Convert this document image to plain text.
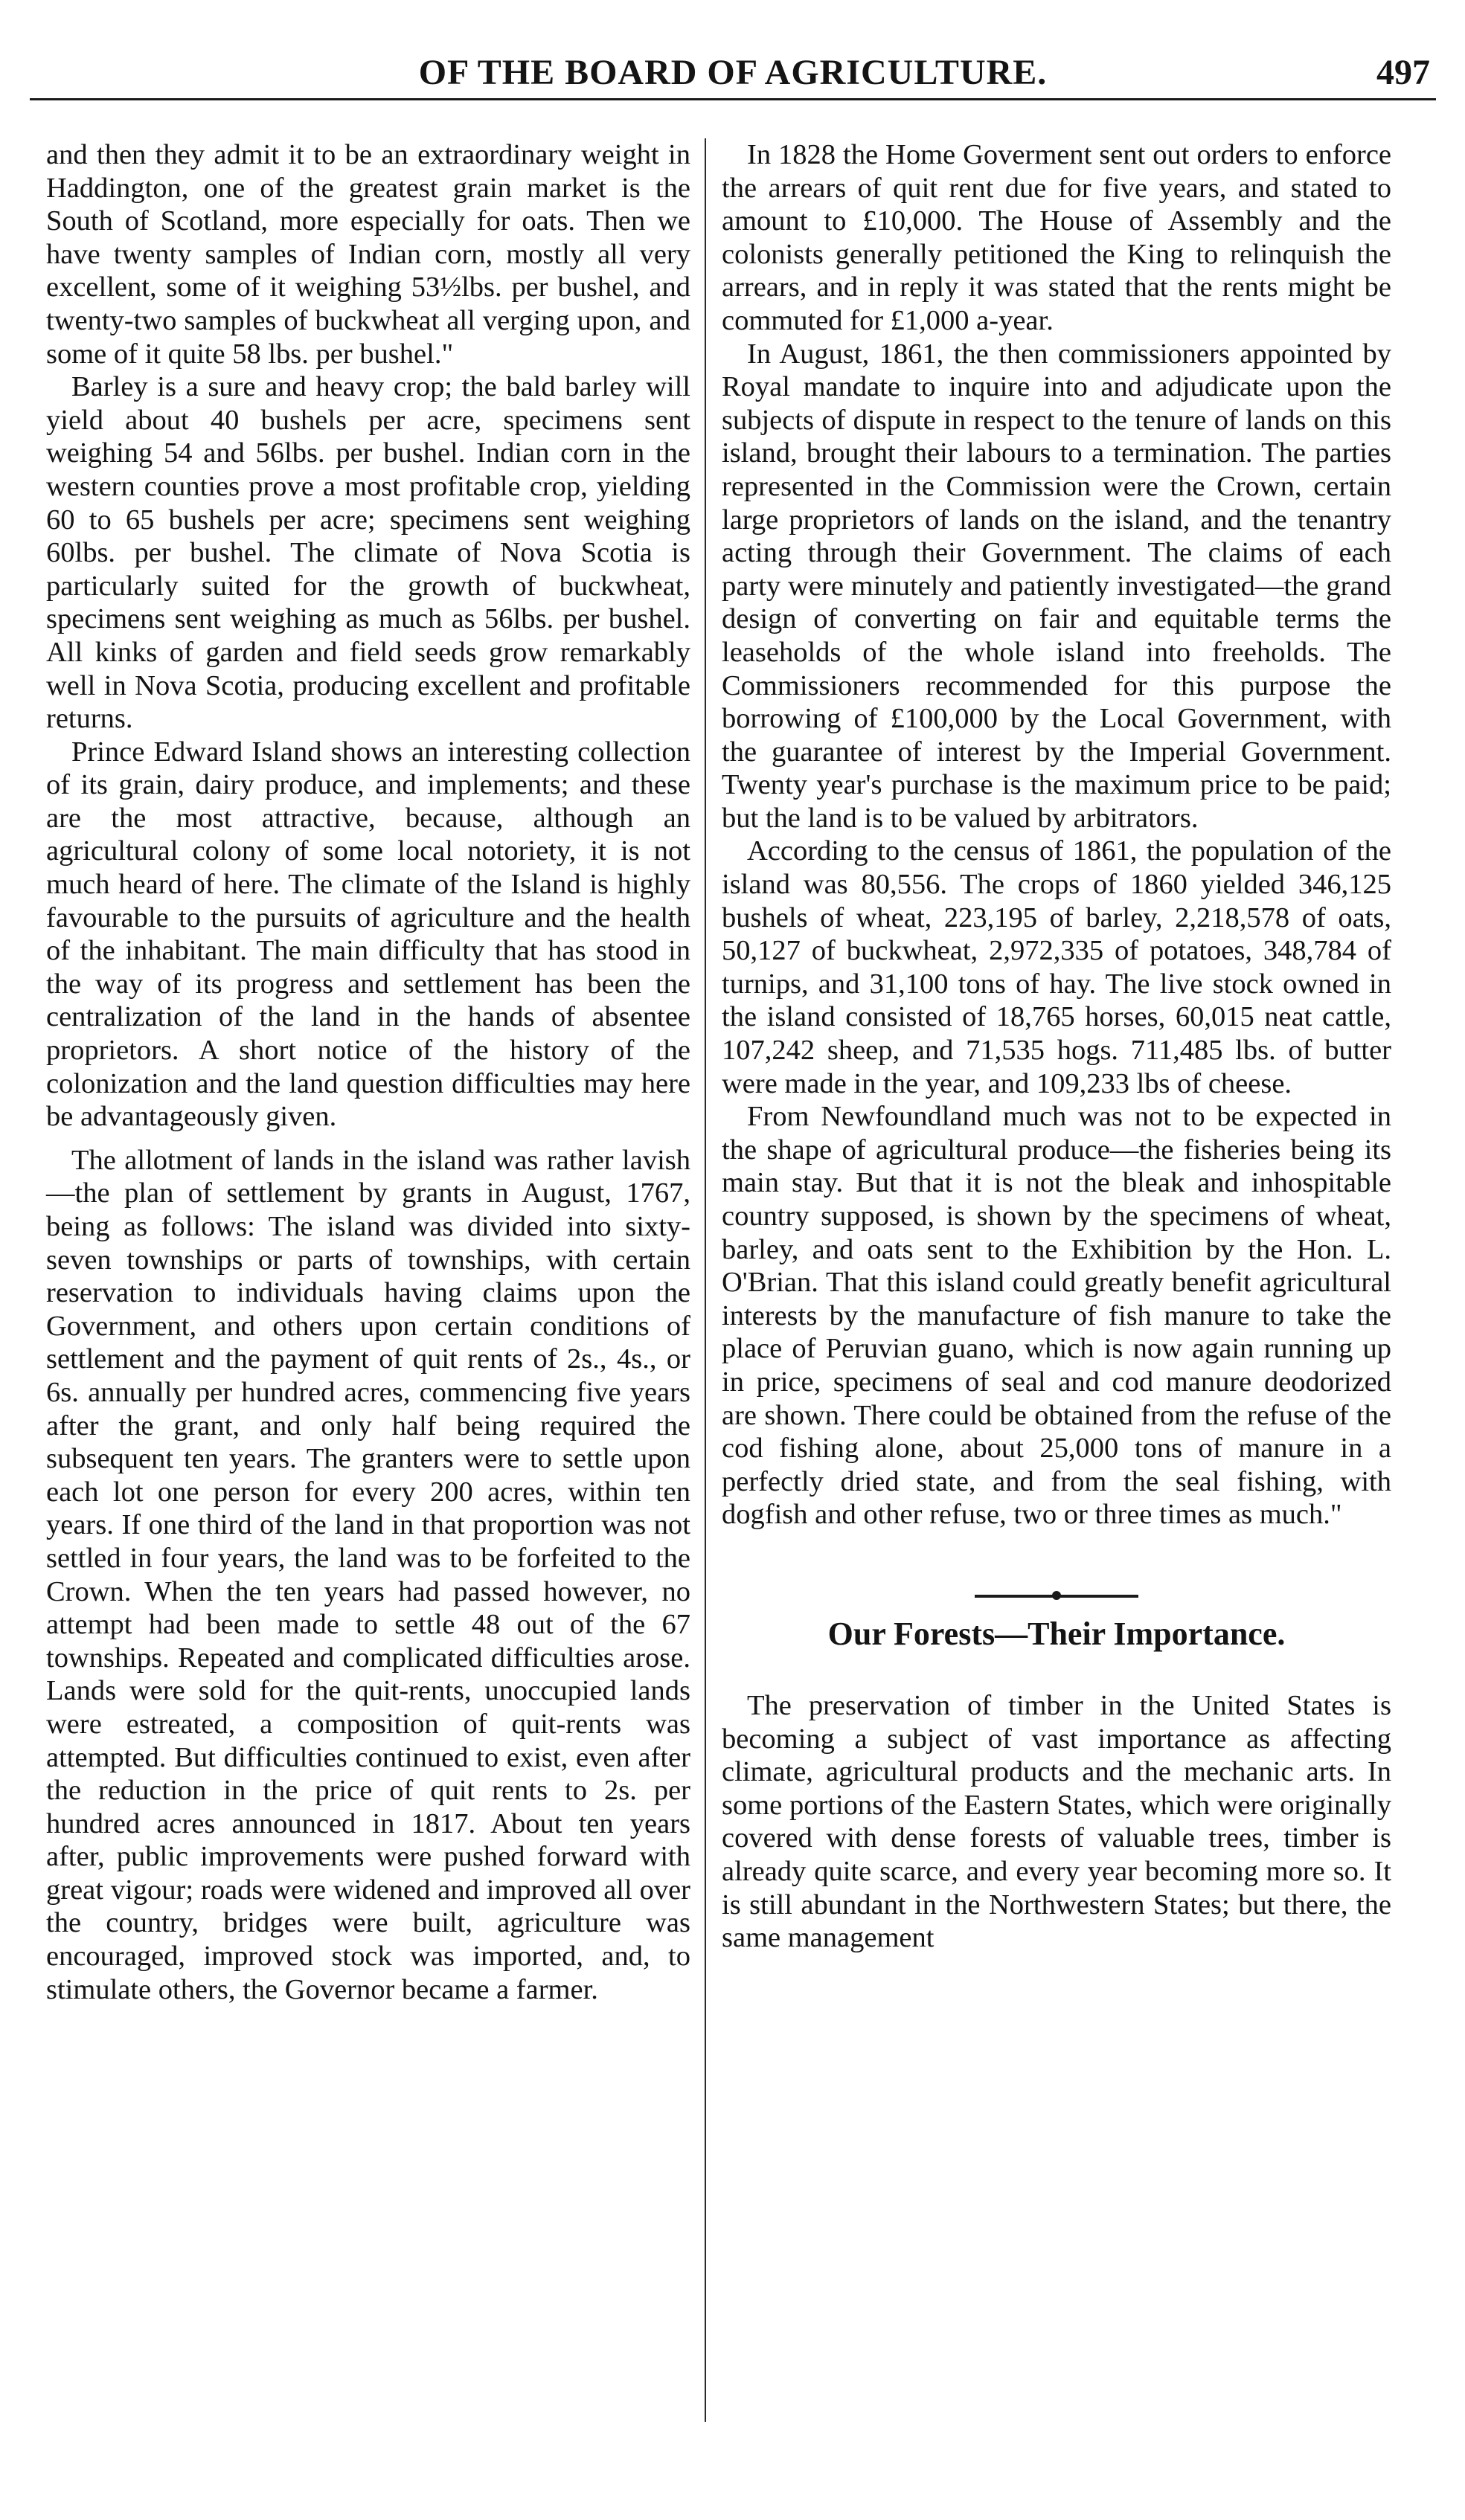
OF THE BOARD OF AGRICULTURE.	497

and then they admit it to be an extraordinary weight in Haddington, one of the greatest grain market is the South of Scotland, more especially for oats. Then we have twenty samples of Indian corn, mostly all very excellent, some of it weighing 53½lbs. per bushel, and twenty-two samples of buckwheat all verging upon, and some of it quite 58 lbs. per bushel."

Barley is a sure and heavy crop; the bald barley will yield about 40 bushels per acre, specimens sent weighing 54 and 56lbs. per bushel. Indian corn in the western counties prove a most profitable crop, yielding 60 to 65 bushels per acre; specimens sent weighing 60lbs. per bushel. The climate of Nova Scotia is particularly suited for the growth of buckwheat, specimens sent weighing as much as 56lbs. per bushel. All kinks of garden and field seeds grow remarkably well in Nova Scotia, producing excellent and profitable returns.

Prince Edward Island shows an interesting collection of its grain, dairy produce, and implements; and these are the most attractive, because, although an agricultural colony of some local notoriety, it is not much heard of here. The climate of the Island is highly favourable to the pursuits of agriculture and the health of the inhabitant. The main difficulty that has stood in the way of its progress and settlement has been the centralization of the land in the hands of absentee proprietors. A short notice of the history of the colonization and the land question difficulties may here be advantageously given.

The allotment of lands in the island was rather lavish—the plan of settlement by grants in August, 1767, being as follows: The island was divided into sixty-seven townships or parts of townships, with certain reservation to individuals having claims upon the Government, and others upon certain conditions of settlement and the payment of quit rents of 2s., 4s., or 6s. annually per hundred acres, commencing five years after the grant, and only half being required the subsequent ten years. The granters were to settle upon each lot one person for every 200 acres, within ten years. If one third of the land in that proportion was not settled in four years, the land was to be forfeited to the Crown. When the ten years had passed however, no attempt had been made to settle 48 out of the 67 townships. Repeated and complicated difficulties arose. Lands were sold for the quit-rents, unoccupied lands were estreated, a composition of quit-rents was attempted. But difficulties continued to exist, even after the reduction in the price of quit rents to 2s. per hundred acres announced in 1817. About ten years after, public improvements were pushed forward with great vigour; roads were widened and improved all over the country, bridges were built, agriculture was encouraged, improved stock was imported, and, to stimulate others, the Governor became a farmer.

In 1828 the Home Goverment sent out orders to enforce the arrears of quit rent due for five years, and stated to amount to £10,000. The House of Assembly and the colonists generally petitioned the King to relinquish the arrears, and in reply it was stated that the rents might be commuted for £1,000 a-year.

In August, 1861, the then commissioners appointed by Royal mandate to inquire into and adjudicate upon the subjects of dispute in respect to the tenure of lands on this island, brought their labours to a termination. The parties represented in the Commission were the Crown, certain large proprietors of lands on the island, and the tenantry acting through their Government. The claims of each party were minutely and patiently investigated—the grand design of converting on fair and equitable terms the leaseholds of the whole island into freeholds. The Commissioners recommended for this purpose the borrowing of £100,000 by the Local Government, with the guarantee of interest by the Imperial Government. Twenty year's purchase is the maximum price to be paid; but the land is to be valued by arbitrators.

According to the census of 1861, the population of the island was 80,556. The crops of 1860 yielded 346,125 bushels of wheat, 223,195 of barley, 2,218,578 of oats, 50,127 of buckwheat, 2,972,335 of potatoes, 348,784 of turnips, and 31,100 tons of hay. The live stock owned in the island consisted of 18,765 horses, 60,015 neat cattle, 107,242 sheep, and 71,535 hogs. 711,485 lbs. of butter were made in the year, and 109,233 lbs of cheese.

From Newfoundland much was not to be expected in the shape of agricultural produce—the fisheries being its main stay. But that it is not the bleak and inhospitable country supposed, is shown by the specimens of wheat, barley, and oats sent to the Exhibition by the Hon. L. O'Brian. That this island could greatly benefit agricultural interests by the manufacture of fish manure to take the place of Peruvian guano, which is now again running up in price, specimens of seal and cod manure deodorized are shown. There could be obtained from the refuse of the cod fishing alone, about 25,000 tons of manure in a perfectly dried state, and from the seal fishing, with dogfish and other refuse, two or three times as much."

Our Forests—Their Importance.

The preservation of timber in the United States is becoming a subject of vast importance as affecting climate, agricultural products and the mechanic arts. In some portions of the Eastern States, which were originally covered with dense forests of valuable trees, timber is already quite scarce, and every year becoming more so. It is still abundant in the Northwestern States; but there, the same management
